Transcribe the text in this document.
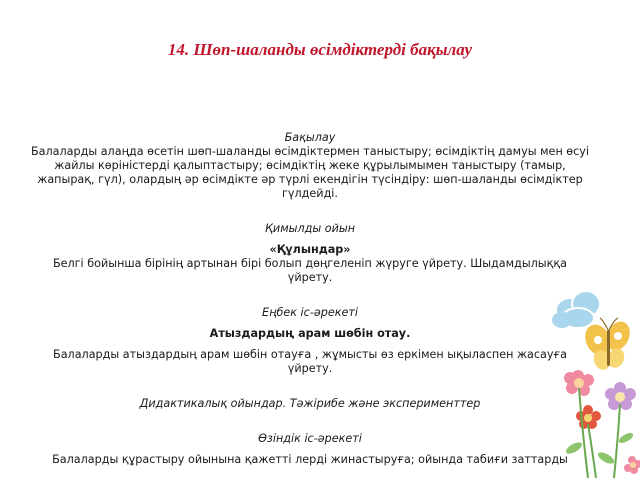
14. Шөп-шаланды өсімдіктерді бақылау

Бақылау

Балаларды алаңда өсетін шөп-шаланды өсімдіктермен таныстыру; өсімдіктің дамуы мен өсуі жайлы көріністерді қалыптастыру; өсімдіктің жеке құрылымымен таныстыру (тамыр, жапырақ, гүл), олардың әр өсімдікте әр түрлі екендігін түсіндіру: шөп-шаланды өсімдіктер гүлдейді.

Қимылды ойын

«Құлындар»

Белгі бойынша бірінің артынан бірі болып дөңгеленіп жүруге үйрету. Шыдамдылыққа үйрету.

Еңбек іс-әрекеті

Атыздардың арам шөбін отау.

Балаларды атыздардың арам шөбін отауға , жұмысты өз еркімен ықыласпен жасауға үйрету.

Дидактикалық ойындар. Тәжірибе және эксперименттер

Өзіндік іс-әрекеті

Балаларды құрастыру ойынына қажетті лерді жинастыруға; ойында табиғи заттарды
